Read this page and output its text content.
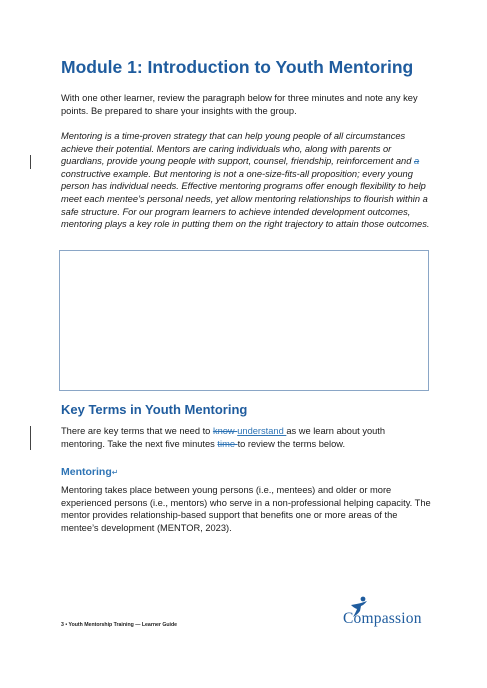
Module 1: Introduction to Youth Mentoring
With one other learner, review the paragraph below for three minutes and note any key points. Be prepared to share your insights with the group.
Mentoring is a time-proven strategy that can help young people of all circumstances achieve their potential. Mentors are caring individuals who, along with parents or guardians, provide young people with support, counsel, friendship, reinforcement and a constructive example. But mentoring is not a one-size-fits-all proposition; every young person has individual needs. Effective mentoring programs offer enough flexibility to help meet each mentee’s personal needs, yet allow mentoring relationships to flourish within a safe structure. For our program learners to achieve intended development outcomes, mentoring plays a key role in putting them on the right trajectory to attain those outcomes.
Key Terms in Youth Mentoring
There are key terms that we need to know understand as we learn about youth mentoring. Take the next five minutes time to review the terms below.
Mentoring↵
Mentoring takes place between young persons (i.e., mentees) and older or more experienced persons (i.e., mentors) who serve in a non-professional helping capacity. The mentor provides relationship-based support that benefits one or more areas of the mentee’s development (MENTOR, 2023).
3 • Youth Mentorship Training — Learner Guide	Compassion
